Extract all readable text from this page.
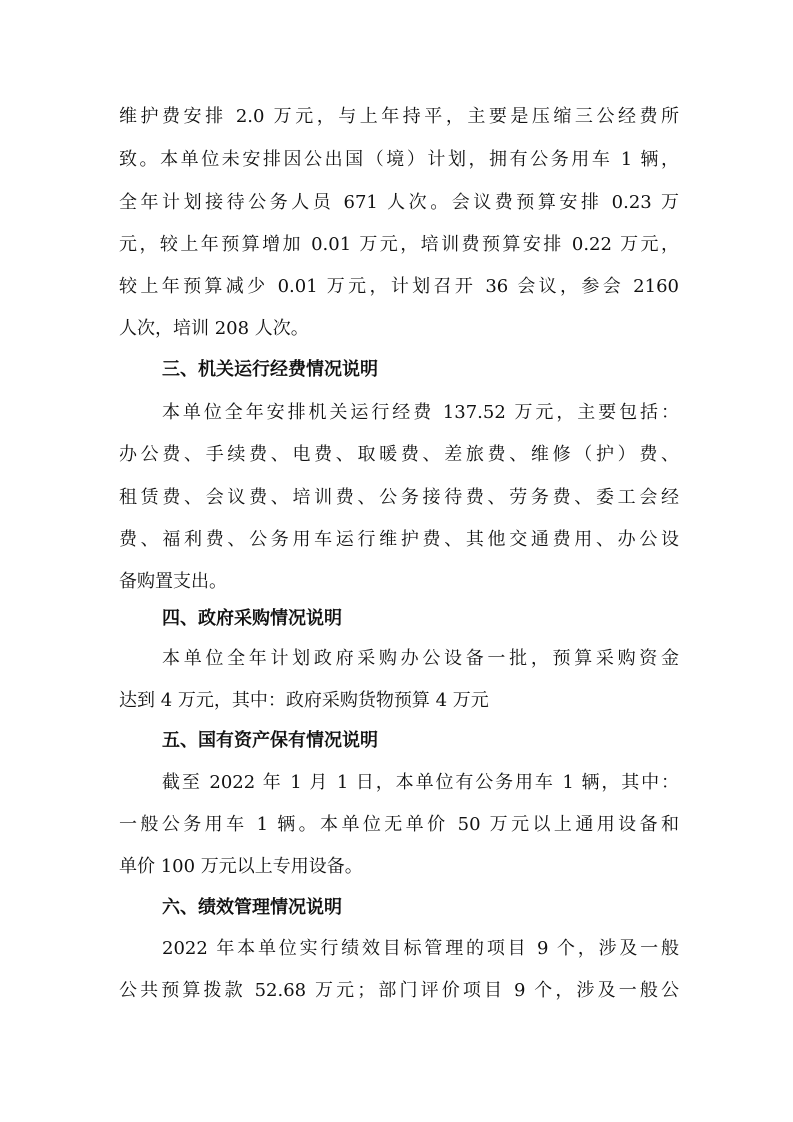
维护费安排 2.0 万元，与上年持平，主要是压缩三公经费所
致。本单位未安排因公出国（境）计划，拥有公务用车 1 辆，
全年计划接待公务人员 671 人次。会议费预算安排 0.23 万
元，较上年预算增加 0.01 万元，培训费预算安排 0.22 万元，
较上年预算减少 0.01 万元，计划召开 36 会议，参会 2160
人次，培训 208 人次。
三、机关运行经费情况说明
本单位全年安排机关运行经费 137.52 万元，主要包括：
办公费、手续费、电费、取暖费、差旅费、维修（护）费、
租赁费、会议费、培训费、公务接待费、劳务费、委工会经
费、福利费、公务用车运行维护费、其他交通费用、办公设
备购置支出。
四、政府采购情况说明
本单位全年计划政府采购办公设备一批，预算采购资金
达到 4 万元，其中：政府采购货物预算 4 万元
五、国有资产保有情况说明
截至 2022 年 1 月 1 日，本单位有公务用车 1 辆，其中：
一般公务用车 1 辆。本单位无单价 50 万元以上通用设备和
单价 100 万元以上专用设备。
六、绩效管理情况说明
2022 年本单位实行绩效目标管理的项目 9 个，涉及一般
公共预算拨款 52.68 万元；部门评价项目 9 个，涉及一般公
